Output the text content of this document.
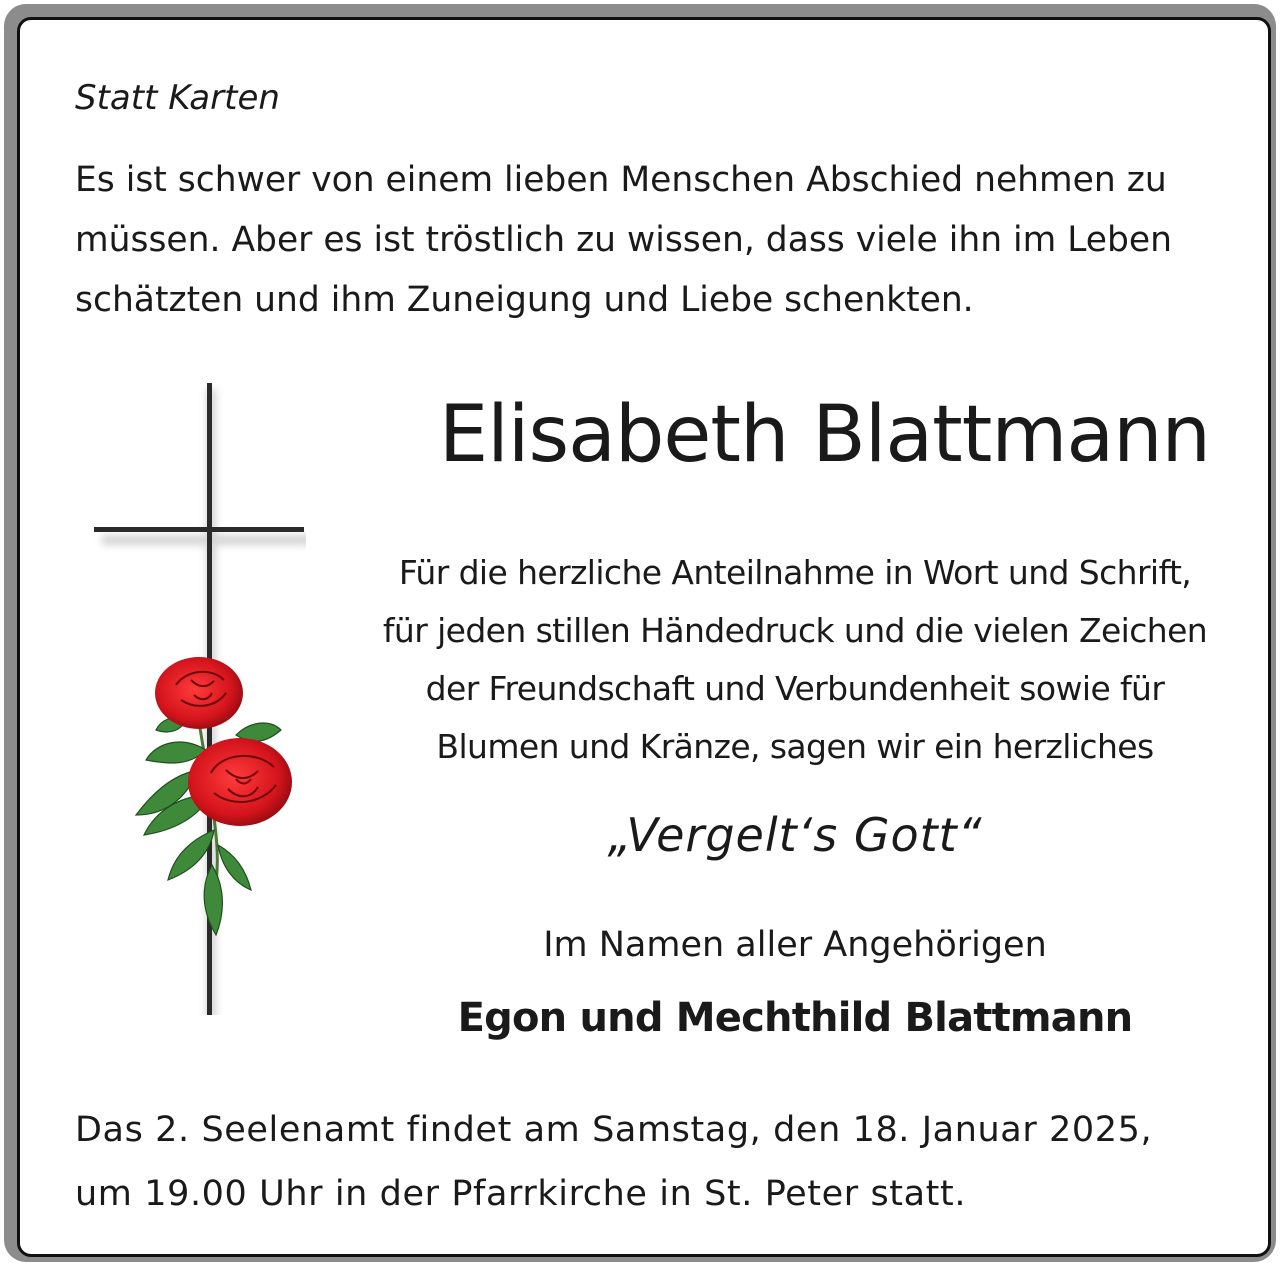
Statt Karten

Es ist schwer von einem lieben Menschen Abschied nehmen zu
müssen. Aber es ist tröstlich zu wissen, dass viele ihn im Leben
schätzten und ihm Zuneigung und Liebe schenkten.

Elisabeth Blattmann

Für die herzliche Anteilnahme in Wort und Schrift,
für jeden stillen Händedruck und die vielen Zeichen
der Freundschaft und Verbundenheit sowie für
Blumen und Kränze, sagen wir ein herzliches
„Vergelt‘s Gott“
Im Namen aller Angehörigen
Egon und Mechthild Blattmann
Das 2. Seelenamt findet am Samstag, den 18. Januar 2025,
um 19.00 Uhr in der Pfarrkirche in St. Peter statt.
